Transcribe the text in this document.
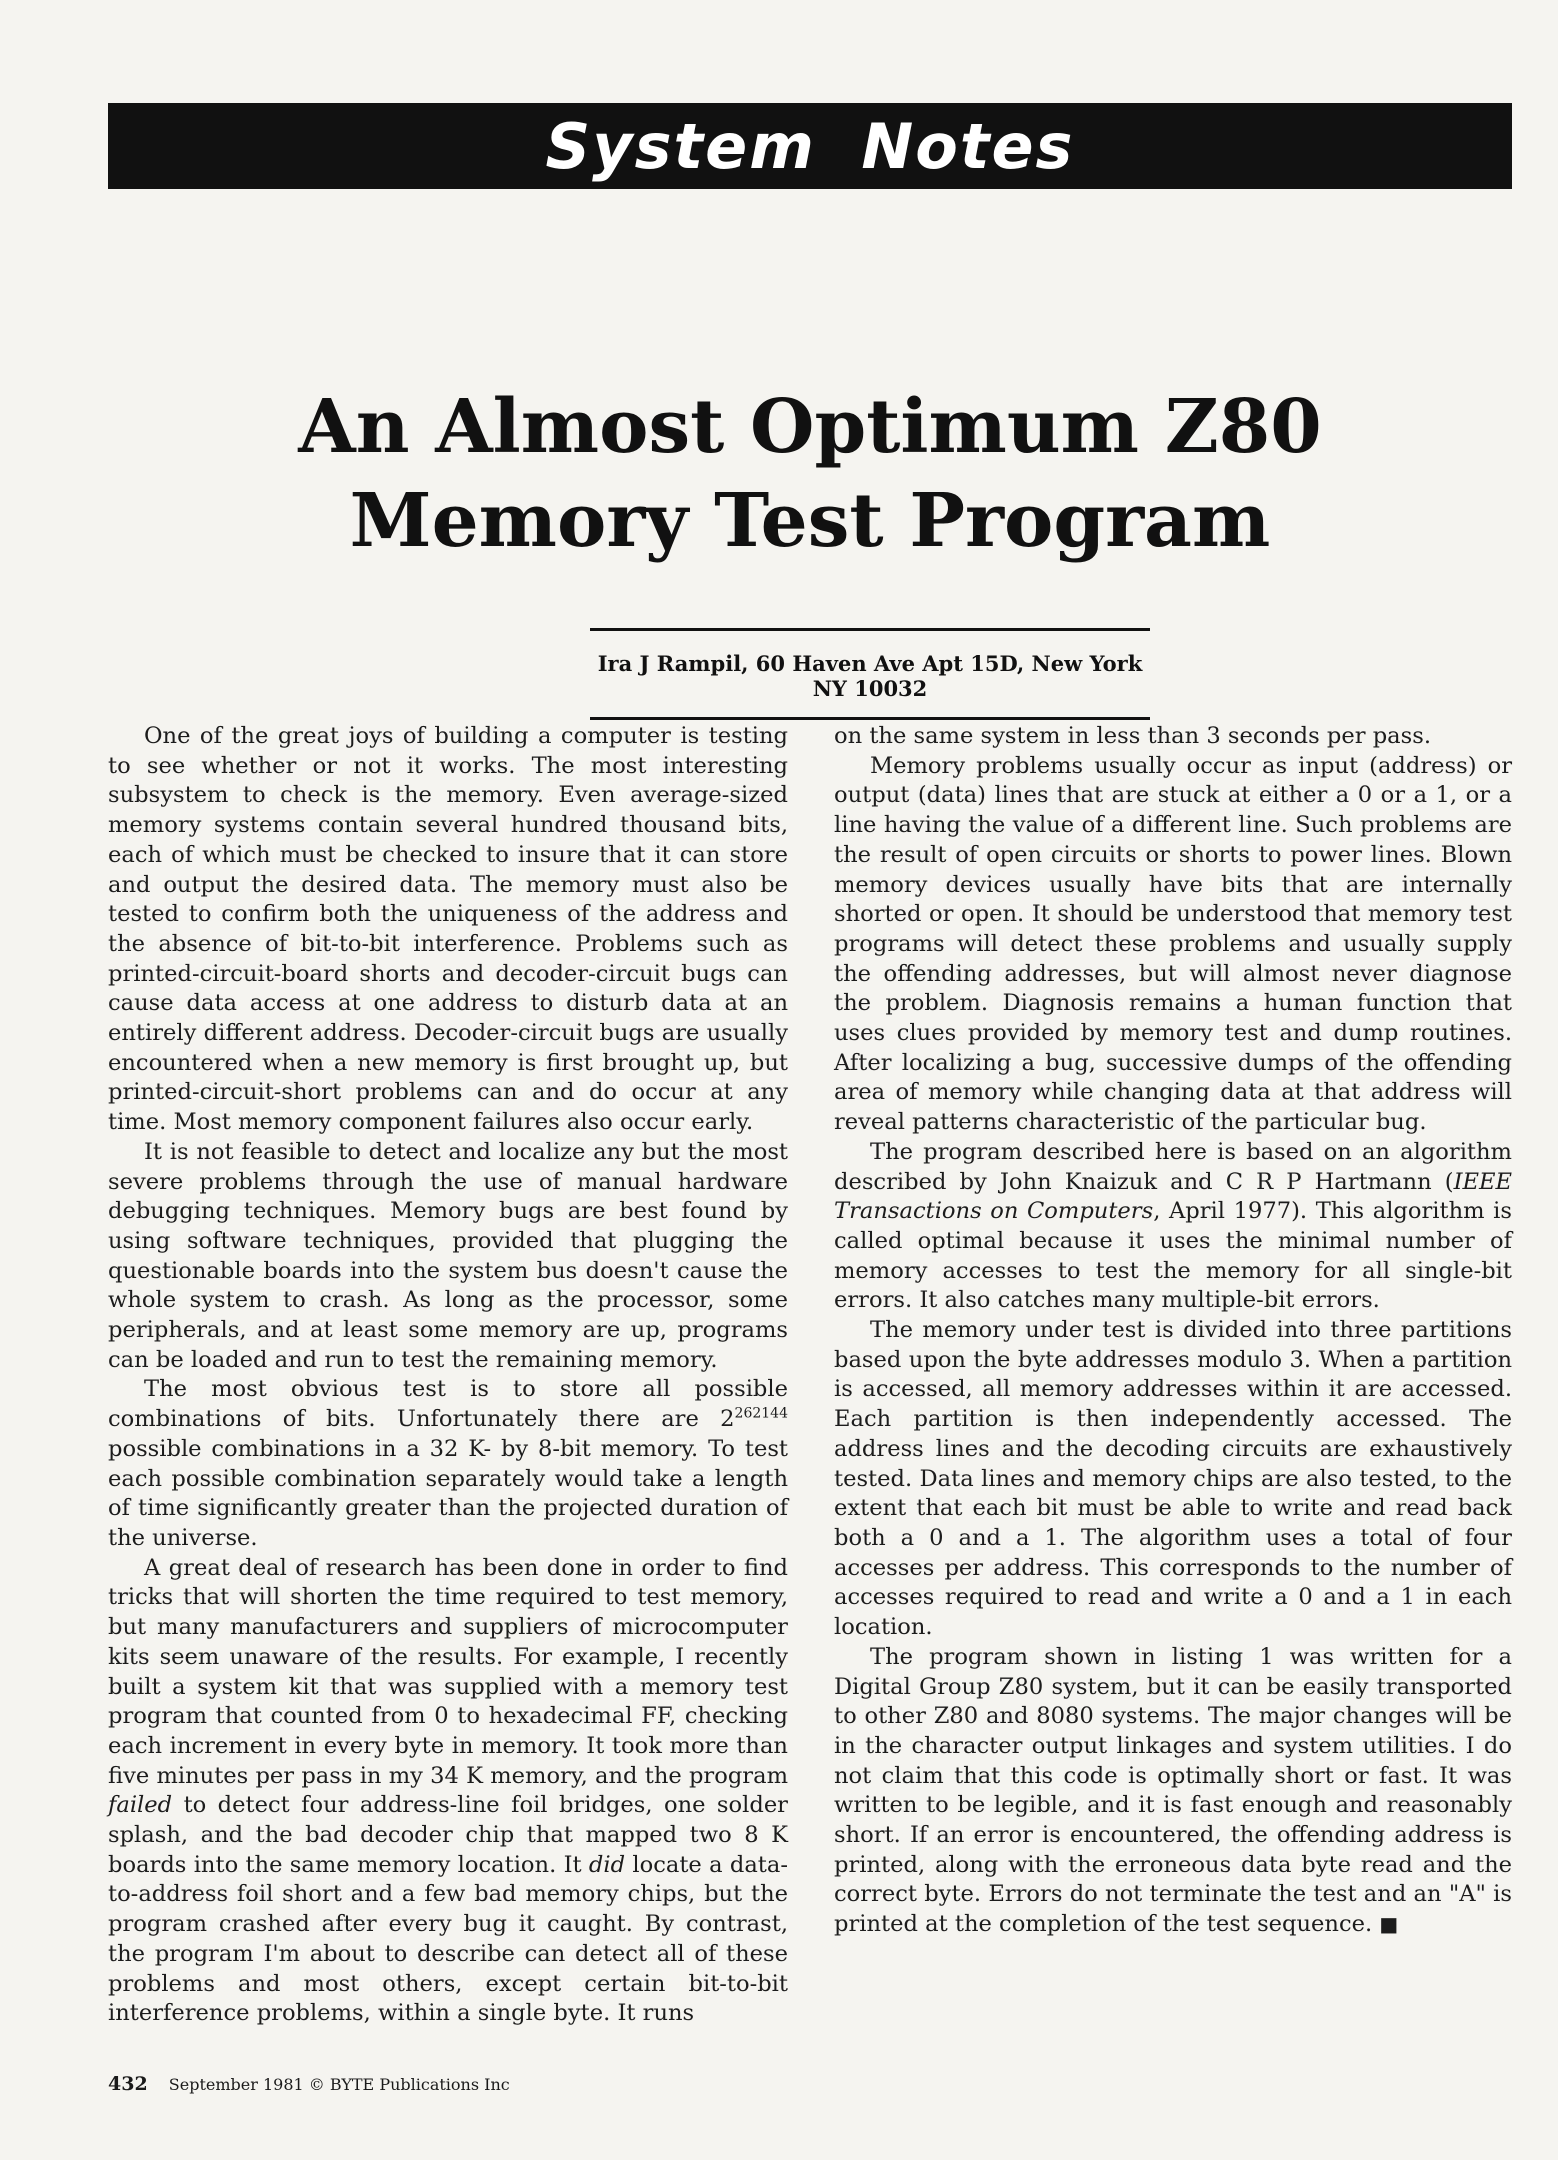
System Notes
An Almost Optimum Z80
Memory Test Program
Ira J Rampil, 60 Haven Ave Apt 15D, New York NY 10032

One of the great joys of building a computer is testing to see whether or not it works. The most interesting subsystem to check is the memory. Even average-sized memory systems contain several hundred thousand bits, each of which must be checked to insure that it can store and output the desired data. The memory must also be tested to confirm both the uniqueness of the address and the absence of bit-to-bit interference. Problems such as printed-circuit-board shorts and decoder-circuit bugs can cause data access at one address to disturb data at an entirely different address. Decoder-circuit bugs are usually encountered when a new memory is first brought up, but printed-circuit-short problems can and do occur at any time. Most memory component failures also occur early.

It is not feasible to detect and localize any but the most severe problems through the use of manual hardware debugging techniques. Memory bugs are best found by using software techniques, provided that plugging the questionable boards into the system bus doesn't cause the whole system to crash. As long as the processor, some peripherals, and at least some memory are up, programs can be loaded and run to test the remaining memory.

The most obvious test is to store all possible combinations of bits. Unfortunately there are $2^{262144}$ possible combinations in a 32 K- by 8-bit memory. To test each possible combination separately would take a length of time significantly greater than the projected duration of the universe.

A great deal of research has been done in order to find tricks that will shorten the time required to test memory, but many manufacturers and suppliers of microcomputer kits seem unaware of the results. For example, I recently built a system kit that was supplied with a memory test program that counted from 0 to hexadecimal FF, checking each increment in every byte in memory. It took more than five minutes per pass in my 34 K memory, and the program failed to detect four address-line foil bridges, one solder splash, and the bad decoder chip that mapped two 8 K boards into the same memory location. It did locate a data-to-address foil short and a few bad memory chips, but the program crashed after every bug it caught. By contrast, the program I'm about to describe can detect all of these problems and most others, except certain bit-to-bit interference problems, within a single byte. It runs

on the same system in less than 3 seconds per pass.

Memory problems usually occur as input (address) or output (data) lines that are stuck at either a 0 or a 1, or a line having the value of a different line. Such problems are the result of open circuits or shorts to power lines. Blown memory devices usually have bits that are internally shorted or open. It should be understood that memory test programs will detect these problems and usually supply the offending addresses, but will almost never diagnose the problem. Diagnosis remains a human function that uses clues provided by memory test and dump routines. After localizing a bug, successive dumps of the offending area of memory while changing data at that address will reveal patterns characteristic of the particular bug.

The program described here is based on an algorithm described by John Knaizuk and C R P Hartmann (IEEE Transactions on Computers, April 1977). This algorithm is called optimal because it uses the minimal number of memory accesses to test the memory for all single-bit errors. It also catches many multiple-bit errors.

The memory under test is divided into three partitions based upon the byte addresses modulo 3. When a partition is accessed, all memory addresses within it are accessed. Each partition is then independently accessed. The address lines and the decoding circuits are exhaustively tested. Data lines and memory chips are also tested, to the extent that each bit must be able to write and read back both a 0 and a 1. The algorithm uses a total of four accesses per address. This corresponds to the number of accesses required to read and write a 0 and a 1 in each location.

The program shown in listing 1 was written for a Digital Group Z80 system, but it can be easily transported to other Z80 and 8080 systems. The major changes will be in the character output linkages and system utilities. I do not claim that this code is optimally short or fast. It was written to be legible, and it is fast enough and reasonably short. If an error is encountered, the offending address is printed, along with the erroneous data byte read and the correct byte. Errors do not terminate the test and an "A" is printed at the completion of the test sequence. ■

432 September 1981 © BYTE Publications Inc
